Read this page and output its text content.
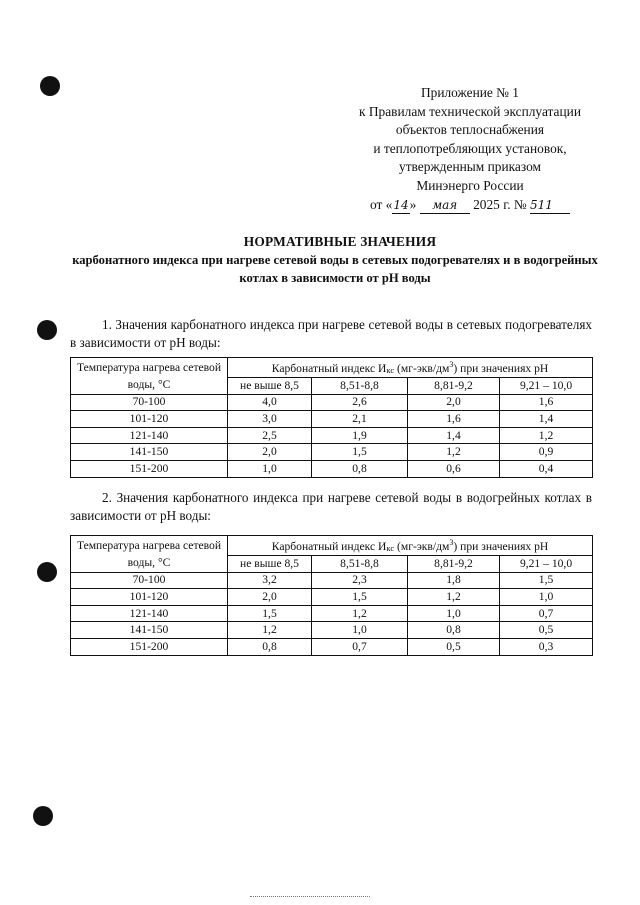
Приложение № 1
к Правилам технической эксплуатации
объектов теплоснабжения
и теплопотребляющих установок,
утвержденным приказом
Минэнерго России
от «14» мая 2025 г. № 511
НОРМАТИВНЫЕ ЗНАЧЕНИЯ
карбонатного индекса при нагреве сетевой воды в сетевых подогревателях и в водогрейных котлах в зависимости от рН воды
1. Значения карбонатного индекса при нагреве сетевой воды в сетевых подогревателях в зависимости от рН воды:
Температура нагрева сетевой воды, °С	Карбонатный индекс Икс $(мг-экв/дм^3)$ при значениях рН			
	не выше 8,5	8,51-8,8	8,81-9,2	9,21 – 10,0
70-100	4,0	2,6	2,0	1,6
101-120	3,0	2,1	1,6	1,4
121-140	2,5	1,9	1,4	1,2
141-150	2,0	1,5	1,2	0,9
151-200	1,0	0,8	0,6	0,4
2. Значения карбонатного индекса при нагреве сетевой воды в водогрейных котлах в зависимости от рН воды:
Температура нагрева сетевой воды, °С	Карбонатный индекс Икс $(мг-экв/дм^3)$ при значениях рН			
	не выше 8,5	8,51-8,8	8,81-9,2	9,21 – 10,0
70-100	3,2	2,3	1,8	1,5
101-120	2,0	1,5	1,2	1,0
121-140	1,5	1,2	1,0	0,7
141-150	1,2	1,0	0,8	0,5
151-200	0,8	0,7	0,5	0,3
